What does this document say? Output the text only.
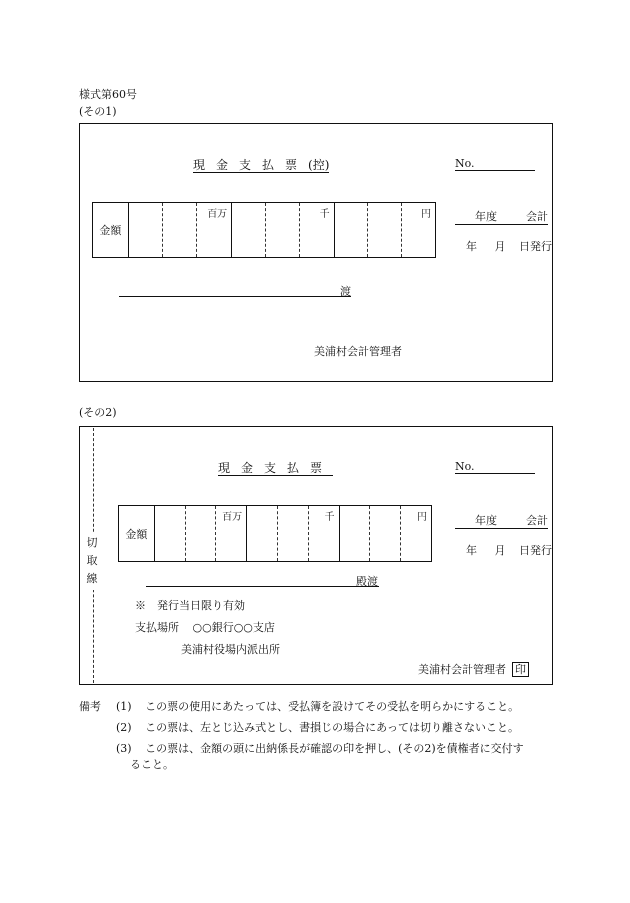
様式第60号
(その1)
現金支払票(控)	No.
金額
百万	千	円	年度	会計
年 月 日発行
渡
美浦村会計管理者
(その2)
切
取
線
現金支払票	No.
金額
百万	千	円	年度	会計
年 月 日発行
殿渡
※　発行当日限り有効
支払場所 ○○銀行○○支店
美浦村役場内派出所
美浦村会計管理者 印
備考 (1) この票の使用にあたっては、受払簿を設けてその受払を明らかにすること。
(2) この票は、左とじ込み式とし、書損じの場合にあっては切り離さないこと。
(3) この票は、金額の頭に出納係長が確認の印を押し、(その2)を債権者に交付す
ること。
